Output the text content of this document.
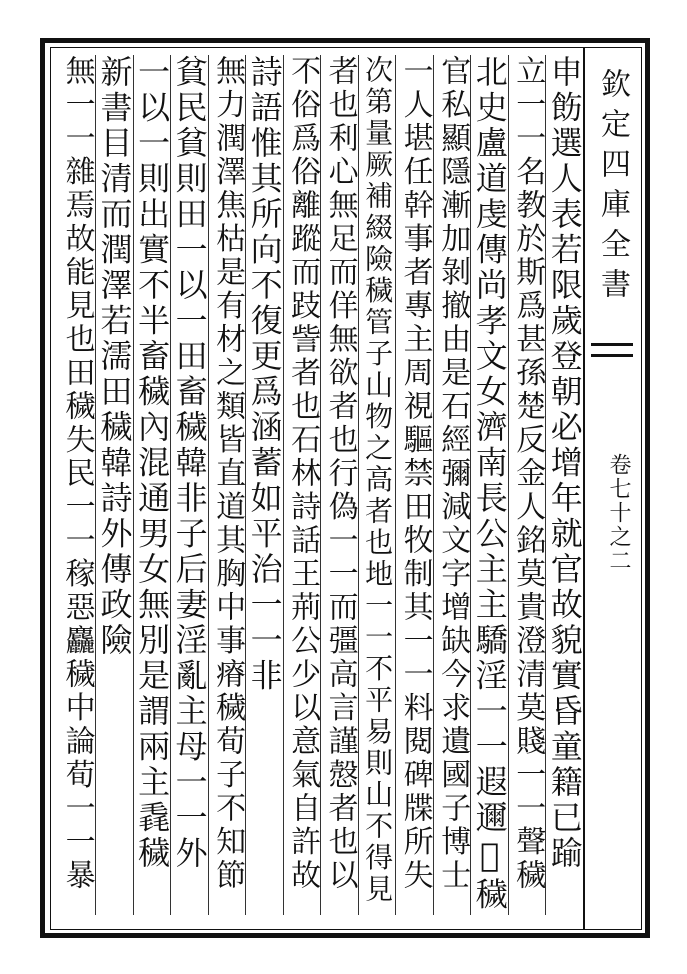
欽定四庫全書
卷七十之二
申飭選人表若限歲登朝必增年就官故貌實昏童籍已踰
立一一名教於斯爲甚孫楚反金人銘莫貴澄清莫賤一一聲穢
北史盧道虔傳尚孝文女濟南長公主主驕淫一一遐邇𨕖穢
官私顯隱漸加剝撤由是石經彌減文字增缺今求遺國子博士
一人堪任幹事者專主周視驅禁田牧制其一一料閱碑牒所失
次第量厥補綴險穢管子山物之高者也地一一不平易則山不得見
者也利心無足而佯無欲者也行偽一一而彊高言謹慤者也以
不俗爲俗離蹤而跂訾者也石林詩話王荊公少以意氣自許故
詩語惟其所向不復更爲涵蓄如平治一一非
無力潤澤焦枯是有材之類皆直道其胸中事瘠穢荀子不知節
貧民貧則田一以一田畜穢韓非子后妻淫亂主母一一外
一以一則出實不半畜穢內混通男女無別是謂兩主毳穢
新書目清而潤澤若濡田穢韓詩外傳政險
無一一雜焉故能見也田穢失民一一稼惡麤穢中論荀一一暴
